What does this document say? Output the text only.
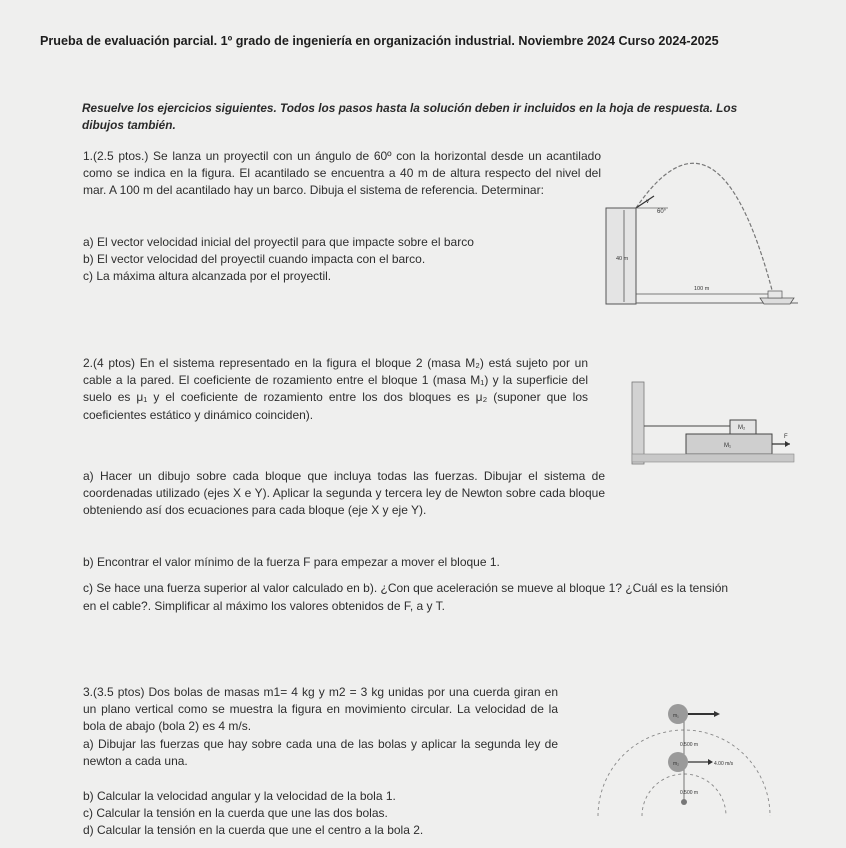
Prueba de evaluación parcial. 1º grado de ingeniería en organización industrial. Noviembre 2024 Curso 2024-2025
Resuelve los ejercicios siguientes. Todos los pasos hasta la solución deben ir incluidos en la hoja de respuesta. Los dibujos también.
1.(2.5 ptos.) Se lanza un proyectil con un ángulo de 60º con la horizontal desde un acantilado como se indica en la figura. El acantilado se encuentra a 40 m de altura respecto del nivel del mar. A 100 m del acantilado hay un barco. Dibuja el sistema de referencia. Determinar:
a) El vector velocidad inicial del proyectil para que impacte sobre el barco
b) El vector velocidad del proyectil cuando impacta con el barco.
c) La máxima altura alcanzada por el proyectil.
v
60°
40 m
100 m
2.(4 ptos) En el sistema representado en la figura el bloque 2 (masa M₂) está sujeto por un cable a la pared. El coeficiente de rozamiento entre el bloque 1 (masa M₁) y la superficie del suelo es μ₁ y el coeficiente de rozamiento entre los dos bloques es μ₂ (suponer que los coeficientes estático y dinámico coinciden).
a) Hacer un dibujo sobre cada bloque que incluya todas las fuerzas. Dibujar el sistema de coordenadas utilizado (ejes X e Y). Aplicar la segunda y tercera ley de Newton sobre cada bloque obteniendo así dos ecuaciones para cada bloque (eje X y eje Y).
b) Encontrar el valor mínimo de la fuerza F para empezar a mover el bloque 1.
c) Se hace una fuerza superior al valor calculado en b). ¿Con que aceleración se mueve al bloque 1? ¿Cuál es la tensión en el cable?. Simplificar al máximo los valores obtenidos de F, a y T.
M₂
M₁
F
3.(3.5 ptos) Dos bolas de masas m1= 4 kg y m2 = 3 kg unidas por una cuerda giran en un plano vertical como se muestra la figura en movimiento circular. La velocidad de la bola de abajo (bola 2) es 4 m/s.
a) Dibujar las fuerzas que hay sobre cada una de las bolas y aplicar la segunda ley de newton a cada una.
b) Calcular la velocidad angular y la velocidad de la bola 1.
c) Calcular la tensión en la cuerda que une las dos bolas.
d) Calcular la tensión en la cuerda que une el centro a la bola 2.
m₁
0.500 m
m₂	4.00 m/s
0.500 m
